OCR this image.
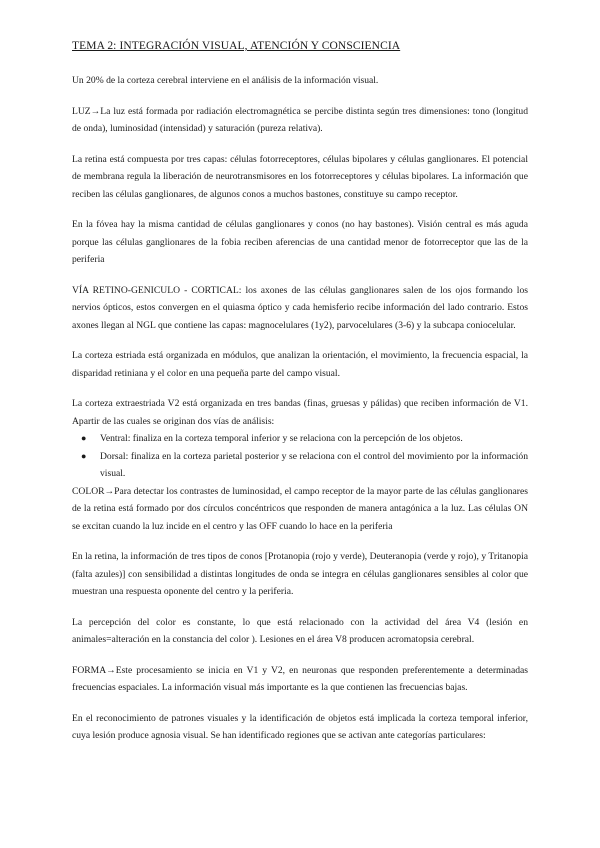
TEMA 2: INTEGRACIÓN VISUAL, ATENCIÓN Y CONSCIENCIA

Un 20% de la corteza cerebral interviene en el análisis de la información visual.

LUZ→La luz está formada por radiación electromagnética se percibe distinta según tres dimensiones: tono (longitud de onda), luminosidad (intensidad) y saturación (pureza relativa).

La retina está compuesta por tres capas: células fotorreceptores, células bipolares y células ganglionares. El potencial de membrana regula la liberación de neurotransmisores en los fotorreceptores y células bipolares. La información que reciben las células ganglionares, de algunos conos a muchos bastones, constituye su campo receptor.

En la fóvea hay la misma cantidad de células ganglionares y conos (no hay bastones). Visión central es más aguda porque las células ganglionares de la fobia reciben aferencias de una cantidad menor de fotorreceptor que las de la periferia

VÍA RETINO-GENICULO - CORTICAL: los axones de las células ganglionares salen de los ojos formando los nervios ópticos, estos convergen en el quiasma óptico y cada hemisferio recibe información del lado contrario. Estos axones llegan al NGL que contiene las capas: magnocelulares (1y2), parvocelulares (3-6) y la subcapa coniocelular.

La corteza estriada está organizada en módulos, que analizan la orientación, el movimiento, la frecuencia espacial, la disparidad retiniana y el color en una pequeña parte del campo visual.

La corteza extraestriada V2 está organizada en tres bandas (finas, gruesas y pálidas) que reciben información de V1. Apartir de las cuales se originan dos vías de análisis:

● Ventral: finaliza en la corteza temporal inferior y se relaciona con la percepción de los objetos.
● Dorsal: finaliza en la corteza parietal posterior y se relaciona con el control del movimiento por la información visual.

COLOR→Para detectar los contrastes de luminosidad, el campo receptor de la mayor parte de las células ganglionares de la retina está formado por dos círculos concéntricos que responden de manera antagónica a la luz. Las células ON se excitan cuando la luz incide en el centro y las OFF cuando lo hace en la periferia

En la retina, la información de tres tipos de conos [Protanopia (rojo y verde), Deuteranopia (verde y rojo), y Tritanopia (falta azules)] con sensibilidad a distintas longitudes de onda se integra en células ganglionares sensibles al color que muestran una respuesta oponente del centro y la periferia.

La percepción del color es constante, lo que está relacionado con la actividad del área V4 (lesión en animales=alteración en la constancia del color ). Lesiones en el área V8 producen acromatopsia cerebral.

FORMA→Este procesamiento se inicia en V1 y V2, en neuronas que responden preferentemente a determinadas frecuencias espaciales. La información visual más importante es la que contienen las frecuencias bajas.

En el reconocimiento de patrones visuales y la identificación de objetos está implicada la corteza temporal inferior, cuya lesión produce agnosia visual. Se han identificado regiones que se activan ante categorías particulares:
